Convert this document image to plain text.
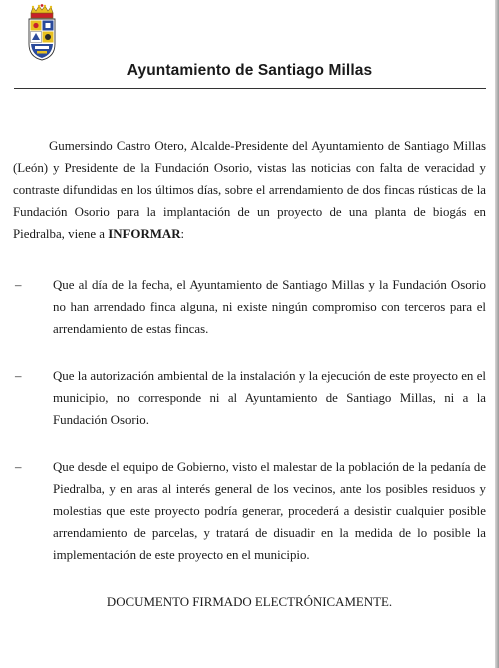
Ayuntamiento de Santiago Millas
Gumersindo Castro Otero, Alcalde-Presidente del Ayuntamiento de Santiago Millas (León) y Presidente de la Fundación Osorio, vistas las noticias con falta de veracidad y contraste difundidas en los últimos días, sobre el arrendamiento de dos fincas rústicas de la Fundación Osorio para la implantación de un proyecto de una planta de biogás en Piedralba, viene a INFORMAR:
– Que al día de la fecha, el Ayuntamiento de Santiago Millas y la Fundación Osorio no han arrendado finca alguna, ni existe ningún compromiso con terceros para el arrendamiento de estas fincas.
– Que la autorización ambiental de la instalación y la ejecución de este proyecto en el municipio, no corresponde ni al Ayuntamiento de Santiago Millas, ni a la Fundación Osorio.
– Que desde el equipo de Gobierno, visto el malestar de la población de la pedanía de Piedralba, y en aras al interés general de los vecinos, ante los posibles residuos y molestias que este proyecto podría generar, procederá a desistir cualquier posible arrendamiento de parcelas, y tratará de disuadir en la medida de lo posible la implementación de este proyecto en el municipio.
DOCUMENTO FIRMADO ELECTRÓNICAMENTE.
